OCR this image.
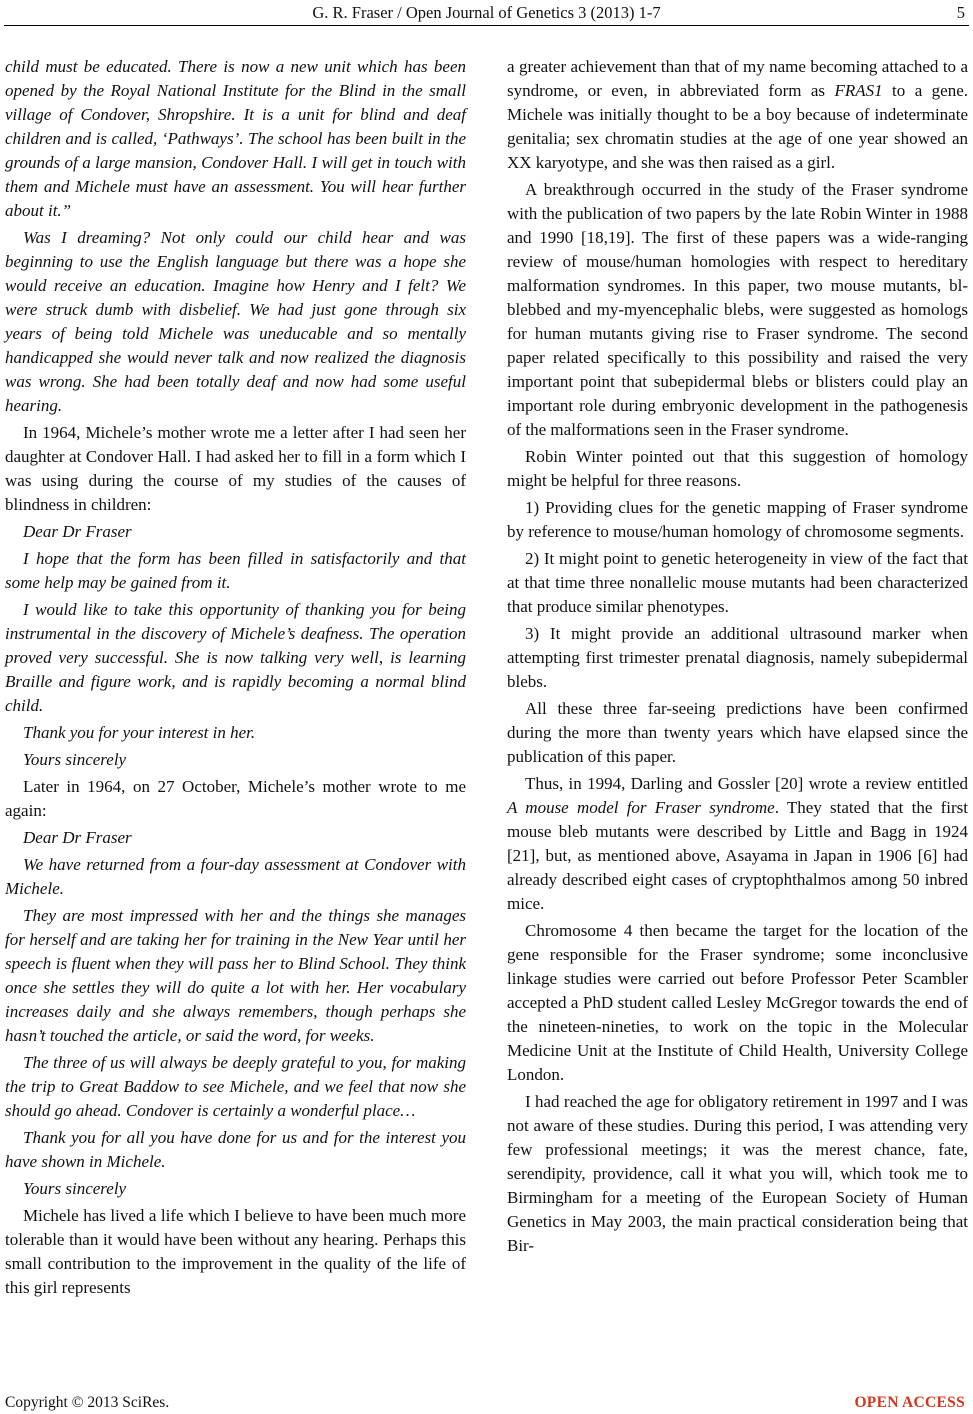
G. R. Fraser / Open Journal of Genetics 3 (2013) 1-7	5

child must be educated. There is now a new unit which has been opened by the Royal National Institute for the Blind in the small village of Condover, Shropshire. It is a unit for blind and deaf children and is called, ‘Pathways’. The school has been built in the grounds of a large mansion, Condover Hall. I will get in touch with them and Michele must have an assessment. You will hear further about it.”

Was I dreaming? Not only could our child hear and was beginning to use the English language but there was a hope she would receive an education. Imagine how Henry and I felt? We were struck dumb with disbelief. We had just gone through six years of being told Michele was uneducable and so mentally handicapped she would never talk and now realized the diagnosis was wrong. She had been totally deaf and now had some useful hearing.

In 1964, Michele’s mother wrote me a letter after I had seen her daughter at Condover Hall. I had asked her to fill in a form which I was using during the course of my studies of the causes of blindness in children:

Dear Dr Fraser

I hope that the form has been filled in satisfactorily and that some help may be gained from it.

I would like to take this opportunity of thanking you for being instrumental in the discovery of Michele’s deafness. The operation proved very successful. She is now talking very well, is learning Braille and figure work, and is rapidly becoming a normal blind child.

Thank you for your interest in her.

Yours sincerely

Later in 1964, on 27 October, Michele’s mother wrote to me again:

Dear Dr Fraser

We have returned from a four-day assessment at Condover with Michele.

They are most impressed with her and the things she manages for herself and are taking her for training in the New Year until her speech is fluent when they will pass her to Blind School. They think once she settles they will do quite a lot with her. Her vocabulary increases daily and she always remembers, though perhaps she hasn’t touched the article, or said the word, for weeks.

The three of us will always be deeply grateful to you, for making the trip to Great Baddow to see Michele, and we feel that now she should go ahead. Condover is certainly a wonderful place…

Thank you for all you have done for us and for the interest you have shown in Michele.

Yours sincerely

Michele has lived a life which I believe to have been much more tolerable than it would have been without any hearing. Perhaps this small contribution to the improvement in the quality of the life of this girl represents

a greater achievement than that of my name becoming attached to a syndrome, or even, in abbreviated form as FRAS1 to a gene. Michele was initially thought to be a boy because of indeterminate genitalia; sex chromatin studies at the age of one year showed an XX karyotype, and she was then raised as a girl.

A breakthrough occurred in the study of the Fraser syndrome with the publication of two papers by the late Robin Winter in 1988 and 1990 [18,19]. The first of these papers was a wide-ranging review of mouse/human homologies with respect to hereditary malformation syndromes. In this paper, two mouse mutants, bl-blebbed and my-myencephalic blebs, were suggested as homologs for human mutants giving rise to Fraser syndrome. The second paper related specifically to this possibility and raised the very important point that subepidermal blebs or blisters could play an important role during embryonic development in the pathogenesis of the malformations seen in the Fraser syndrome.

Robin Winter pointed out that this suggestion of homology might be helpful for three reasons.

1) Providing clues for the genetic mapping of Fraser syndrome by reference to mouse/human homology of chromosome segments.

2) It might point to genetic heterogeneity in view of the fact that at that time three nonallelic mouse mutants had been characterized that produce similar phenotypes.

3) It might provide an additional ultrasound marker when attempting first trimester prenatal diagnosis, namely subepidermal blebs.

All these three far-seeing predictions have been confirmed during the more than twenty years which have elapsed since the publication of this paper.

Thus, in 1994, Darling and Gossler [20] wrote a review entitled A mouse model for Fraser syndrome. They stated that the first mouse bleb mutants were described by Little and Bagg in 1924 [21], but, as mentioned above, Asayama in Japan in 1906 [6] had already described eight cases of cryptophthalmos among 50 inbred mice.

Chromosome 4 then became the target for the location of the gene responsible for the Fraser syndrome; some inconclusive linkage studies were carried out before Professor Peter Scambler accepted a PhD student called Lesley McGregor towards the end of the nineteen-nineties, to work on the topic in the Molecular Medicine Unit at the Institute of Child Health, University College London.

I had reached the age for obligatory retirement in 1997 and I was not aware of these studies. During this period, I was attending very few professional meetings; it was the merest chance, fate, serendipity, providence, call it what you will, which took me to Birmingham for a meeting of the European Society of Human Genetics in May 2003, the main practical consideration being that Bir-

Copyright © 2013 SciRes.	OPEN ACCESS
